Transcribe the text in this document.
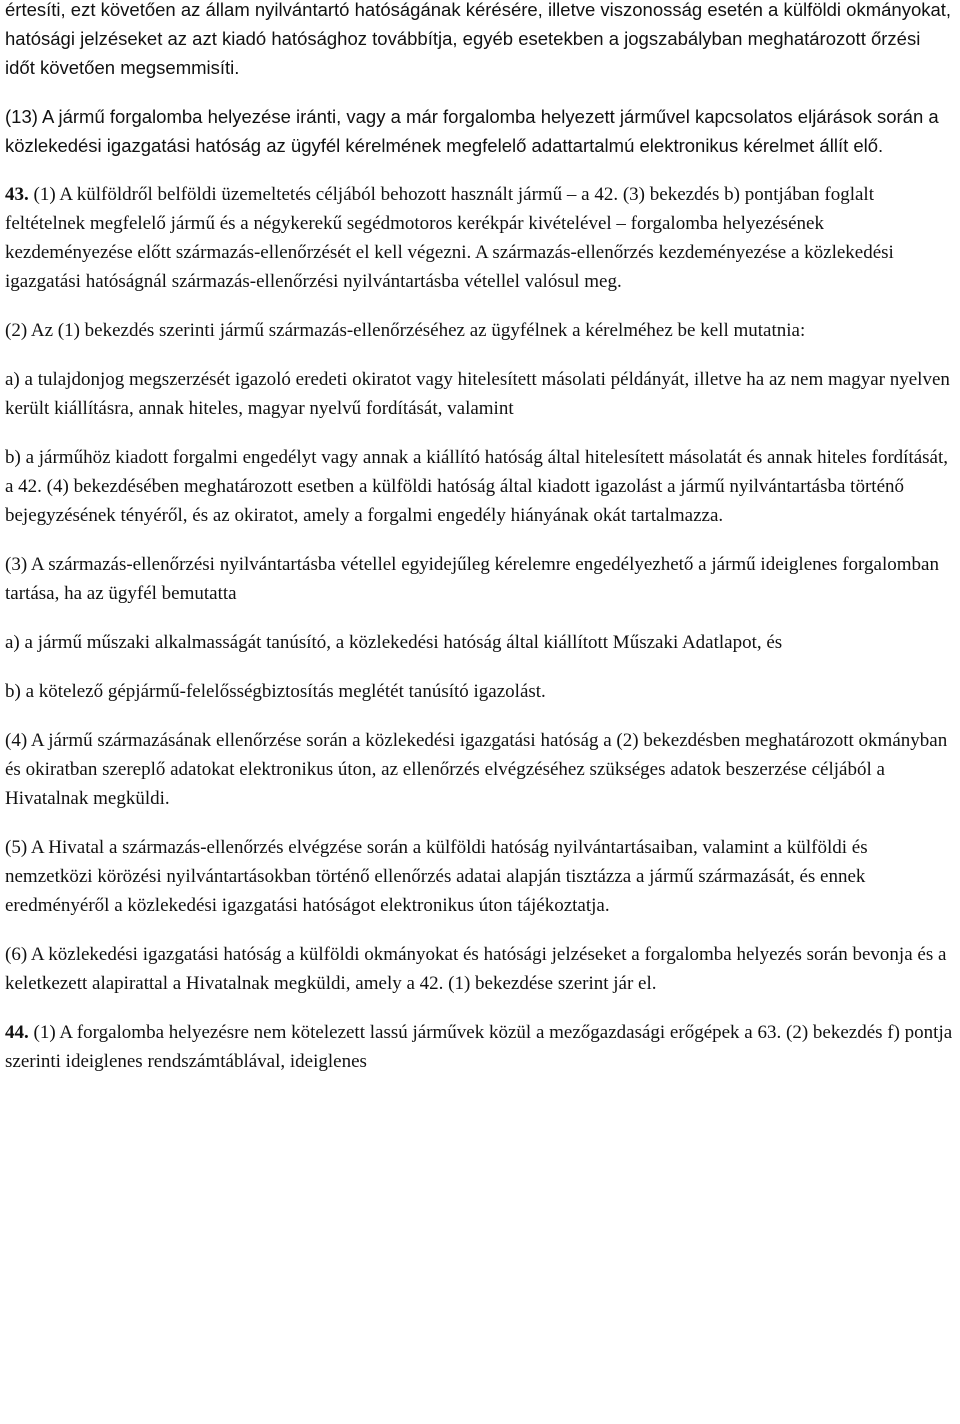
értesíti, ezt követően az állam nyilvántartó hatóságának kérésére, illetve viszonosság esetén a külföldi okmányokat, hatósági jelzéseket az azt kiadó hatósághoz továbbítja, egyéb esetekben a jogszabályban meghatározott őrzési időt követően megsemmisíti.

(13) A jármű forgalomba helyezése iránti, vagy a már forgalomba helyezett járművel kapcsolatos eljárások során a közlekedési igazgatási hatóság az ügyfél kérelmének megfelelő adattartalmú elektronikus kérelmet állít elő.

43. (1) A külföldről belföldi üzemeltetés céljából behozott használt jármű – a 42. (3) bekezdés b) pontjában foglalt feltételnek megfelelő jármű és a négykerekű segédmotoros kerékpár kivételével – forgalomba helyezésének kezdeményezése előtt származás-ellenőrzését el kell végezni. A származás-ellenőrzés kezdeményezése a közlekedési igazgatási hatóságnál származás-ellenőrzési nyilvántartásba vétellel valósul meg.

(2) Az (1) bekezdés szerinti jármű származás-ellenőrzéséhez az ügyfélnek a kérelméhez be kell mutatnia:

a) a tulajdonjog megszerzését igazoló eredeti okiratot vagy hitelesített másolati példányát, illetve ha az nem magyar nyelven került kiállításra, annak hiteles, magyar nyelvű fordítását, valamint

b) a járműhöz kiadott forgalmi engedélyt vagy annak a kiállító hatóság által hitelesített másolatát és annak hiteles fordítását, a 42. (4) bekezdésében meghatározott esetben a külföldi hatóság által kiadott igazolást a jármű nyilvántartásba történő bejegyzésének tényéről, és az okiratot, amely a forgalmi engedély hiányának okát tartalmazza.

(3) A származás-ellenőrzési nyilvántartásba vétellel egyidejűleg kérelemre engedélyezhető a jármű ideiglenes forgalomban tartása, ha az ügyfél bemutatta

a) a jármű műszaki alkalmasságát tanúsító, a közlekedési hatóság által kiállított Műszaki Adatlapot, és

b) a kötelező gépjármű-felelősségbiztosítás meglétét tanúsító igazolást.

(4) A jármű származásának ellenőrzése során a közlekedési igazgatási hatóság a (2) bekezdésben meghatározott okmányban és okiratban szereplő adatokat elektronikus úton, az ellenőrzés elvégzéséhez szükséges adatok beszerzése céljából a Hivatalnak megküldi.

(5) A Hivatal a származás-ellenőrzés elvégzése során a külföldi hatóság nyilvántartásaiban, valamint a külföldi és nemzetközi körözési nyilvántartásokban történő ellenőrzés adatai alapján tisztázza a jármű származását, és ennek eredményéről a közlekedési igazgatási hatóságot elektronikus úton tájékoztatja.

(6) A közlekedési igazgatási hatóság a külföldi okmányokat és hatósági jelzéseket a forgalomba helyezés során bevonja és a keletkezett alapirattal a Hivatalnak megküldi, amely a 42. (1) bekezdése szerint jár el.

44. (1) A forgalomba helyezésre nem kötelezett lassú járművek közül a mezőgazdasági erőgépek a 63. (2) bekezdés f) pontja szerinti ideiglenes rendszámtáblával, ideiglenes
